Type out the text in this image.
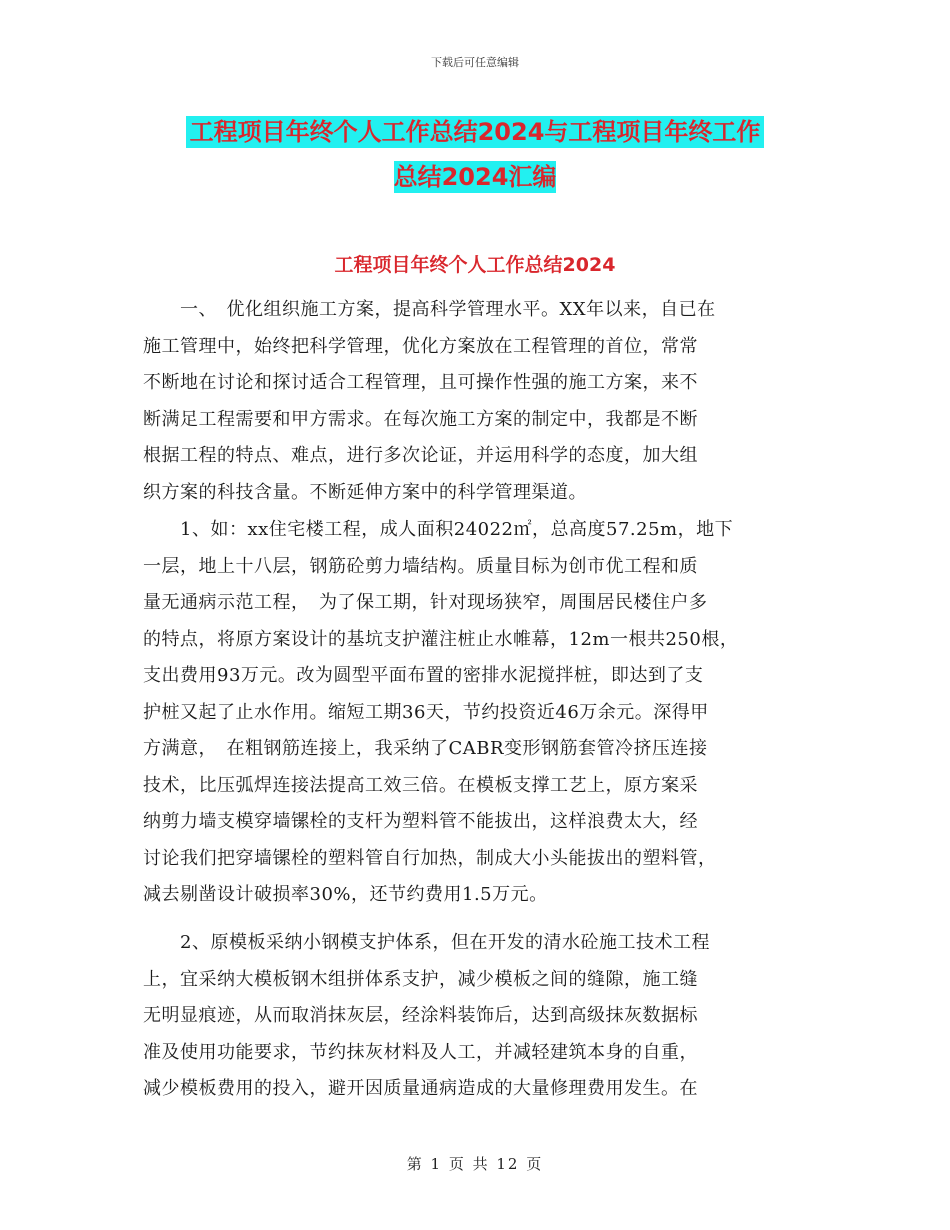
下载后可任意编辑
工程项目年终个人工作总结2024与工程项目年终工作
总结2024汇编
工程项目年终个人工作总结2024

　　一、　优化组织施工方案，提高科学管理水平。XX年以来，自已在

施工管理中，始终把科学管理，优化方案放在工程管理的首位，常常

不断地在讨论和探讨适合工程管理，且可操作性强的施工方案，来不

断满足工程需要和甲方需求。在每次施工方案的制定中，我都是不断

根据工程的特点、难点，进行多次论证，并运用科学的态度，加大组

织方案的科技含量。不断延伸方案中的科学管理渠道。

　　1、如：xx住宅楼工程，成人面积24022㎡，总高度57.25m，地下

一层，地上十八层，钢筋砼剪力墙结构。质量目标为创市优工程和质

量无通病示范工程，　为了保工期，针对现场狭窄，周围居民楼住户多

的特点，将原方案设计的基坑支护灌注桩止水帷幕，12m一根共250根，

支出费用93万元。改为圆型平面布置的密排水泥搅拌桩，即达到了支

护桩又起了止水作用。缩短工期36天，节约投资近46万余元。深得甲

方满意，　在粗钢筋连接上，我采纳了CABR变形钢筋套管冷挤压连接

技术，比压弧焊连接法提高工效三倍。在模板支撑工艺上，原方案采

纳剪力墙支模穿墙镙栓的支杆为塑料管不能拔出，这样浪费太大，经

讨论我们把穿墙镙栓的塑料管自行加热，制成大小头能拔出的塑料管，

减去剔凿设计破损率30%，还节约费用1.5万元。

　　2、原模板采纳小钢模支护体系，但在开发的清水砼施工技术工程

上，宜采纳大模板钢木组拼体系支护，减少模板之间的缝隙，施工缝

无明显痕迹，从而取消抹灰层，经涂料装饰后，达到高级抹灰数据标

准及使用功能要求，节约抹灰材料及人工，并减轻建筑本身的自重，

减少模板费用的投入，避开因质量通病造成的大量修理费用发生。在

第 1 页 共 12 页
